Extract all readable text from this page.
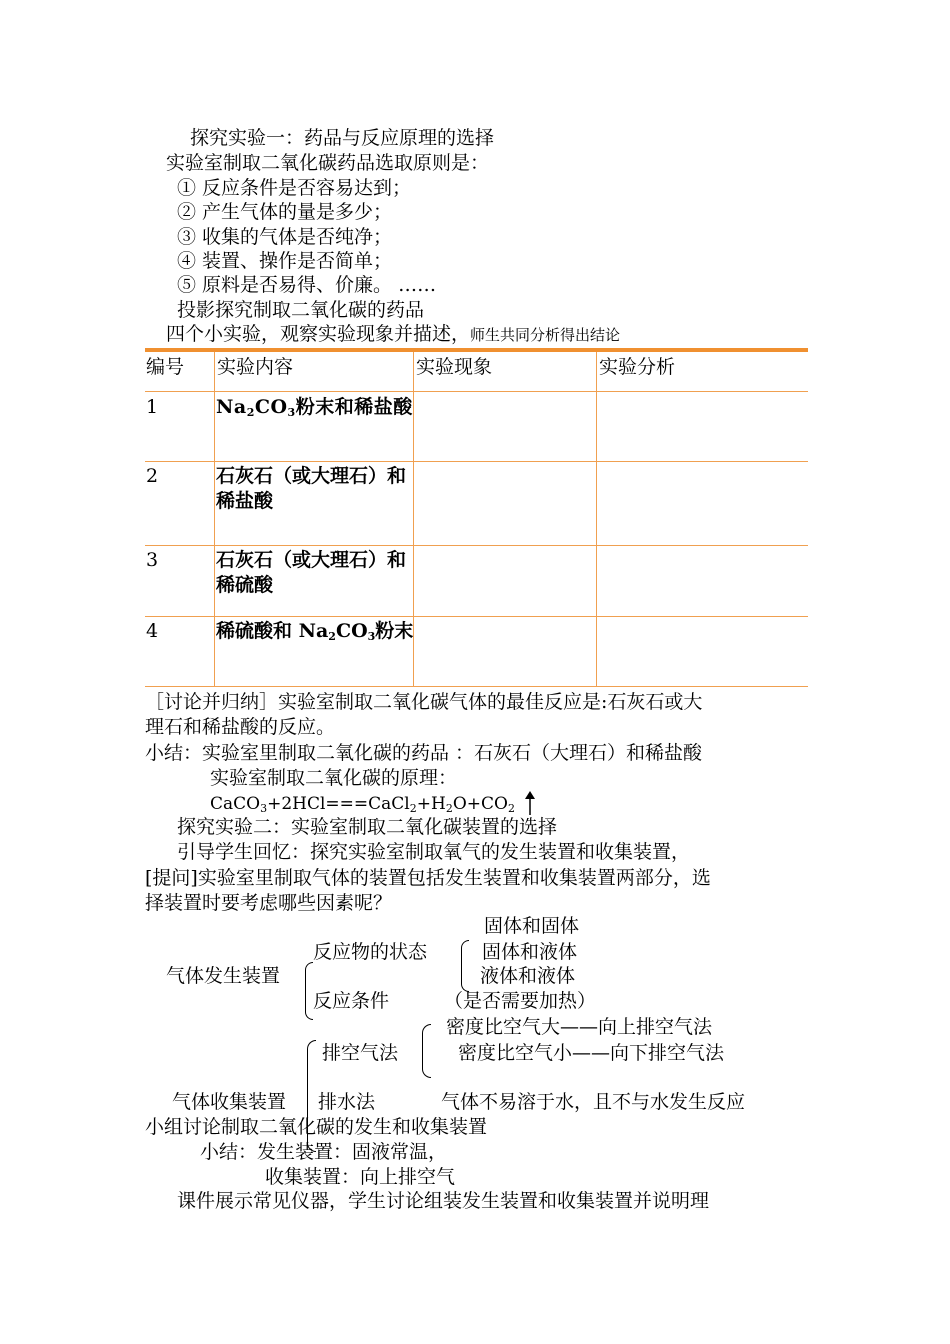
探究实验一：药品与反应原理的选择
实验室制取二氧化碳药品选取原则是：
① 反应条件是否容易达到；
② 产生气体的量是多少；
③ 收集的气体是否纯净；
④ 装置、操作是否简单；
⑤ 原料是否易得、价廉。 ……
投影探究制取二氧化碳的药品
四个小实验，观察实验现象并描述，师生共同分析得出结论
编号 实验内容	实验现象	实验分析
1	$Na_2CO_3$粉末和稀盐酸
2	石灰石（或大理石）和稀盐酸
3	石灰石（或大理石）和稀硫酸
4	稀硫酸和 $Na_2CO_3$粉末
［讨论并归纳］实验室制取二氧化碳气体的最佳反应是:石灰石或大
理石和稀盐酸的反应。
小结：实验室里制取二氧化碳的药品 ：石灰石（大理石）和稀盐酸
实验室制取二氧化碳的原理：
$CaCO_3+2HCl===CaCl_2+H_2O+CO_2$
探究实验二：实验室制取二氧化碳装置的选择
引导学生回忆：探究实验室制取氧气的发生装置和收集装置，
[提问]实验室里制取气体的装置包括发生装置和收集装置两部分，选
择装置时要考虑哪些因素呢？
固体和固体
反应物的状态	固体和液体
气体发生装置	液体和液体
反应条件	（是否需要加热）
密度比空气大——向上排空气法
排空气法	密度比空气小——向下排空气法
气体收集装置 排水法	气体不易溶于水，且不与水发生反应
小组讨论制取二氧化碳的发生和收集装置
小结：发生装置：固液常温，
收集装置：向上排空气
课件展示常见仪器，学生讨论组装发生装置和收集装置并说明理
